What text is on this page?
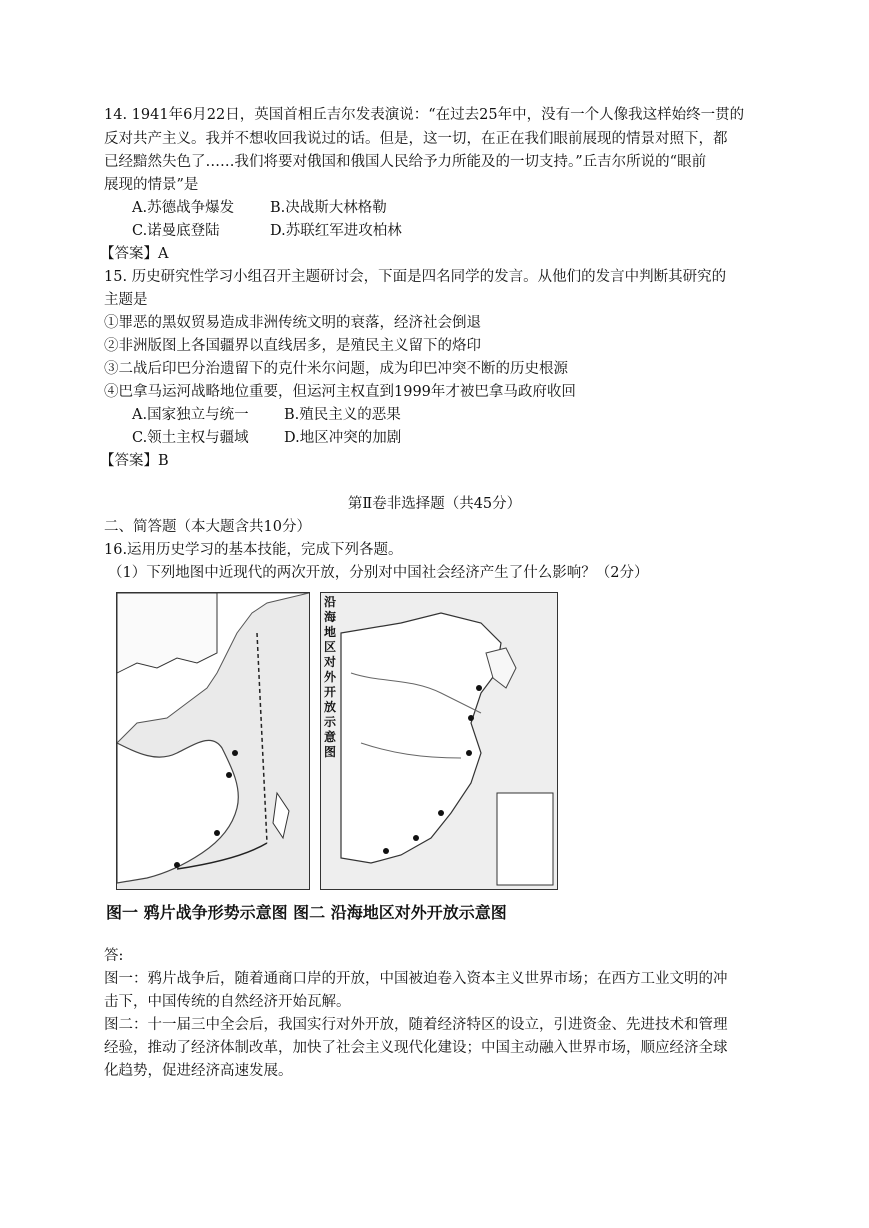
14. 1941年6月22日，英国首相丘吉尔发表演说：“在过去25年中，没有一个人像我这样始终一贯的
反对共产主义。我并不想收回我说过的话。但是，这一切，在正在我们眼前展现的情景对照下，都
已经黯然失色了……我们将要对俄国和俄国人民给予力所能及的一切支持。”丘吉尔所说的“眼前
展现的情景”是
A.苏德战争爆发 B.决战斯大林格勒
C.诺曼底登陆	D.苏联红军进攻柏林
【答案】A
15. 历史研究性学习小组召开主题研讨会，下面是四名同学的发言。从他们的发言中判断其研究的
主题是
①罪恶的黑奴贸易造成非洲传统文明的衰落，经济社会倒退
②非洲版图上各国疆界以直线居多，是殖民主义留下的烙印
③二战后印巴分治遗留下的克什米尔问题，成为印巴冲突不断的历史根源
④巴拿马运河战略地位重要，但运河主权直到1999年才被巴拿马政府收回
A.国家独立与统一 B.殖民主义的恶果
C.领土主权与疆域 D.地区冲突的加剧
【答案】B
第Ⅱ卷非选择题（共45分）
二、简答题（本大题含共10分）
16.运用历史学习的基本技能，完成下列各题。
（1）下列地图中近现代的两次开放，分别对中国社会经济产生了什么影响？（2分）
沿海地区对外开放示意图
图一 鸦片战争形势示意图 图二 沿海地区对外开放示意图
答:
图一：鸦片战争后，随着通商口岸的开放，中国被迫卷入资本主义世界市场；在西方工业文明的冲
击下，中国传统的自然经济开始瓦解。
图二：十一届三中全会后，我国实行对外开放，随着经济特区的设立，引进资金、先进技术和管理
经验，推动了经济体制改革，加快了社会主义现代化建设；中国主动融入世界市场，顺应经济全球
化趋势，促进经济高速发展。
